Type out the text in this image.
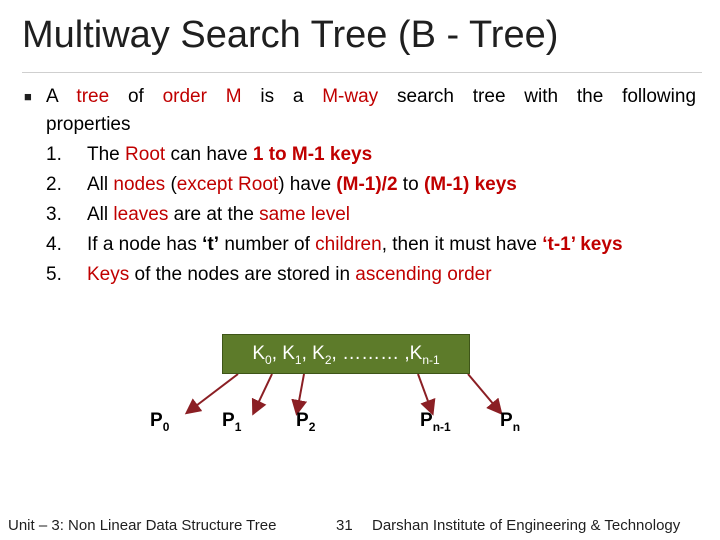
Multiway Search Tree (B - Tree)
■ A tree of order M is a M-way search tree with the following
properties
1.	The Root can have 1 to M-1 keys
2.	All nodes (except Root) have (M-1)/2 to (M-1) keys
3.	All leaves are at the same level
4.	If a node has ‘t’ number of children, then it must have ‘t-1’ keys
5.	Keys of the nodes are stored in ascending order
$K_0$, $K_1$, $K_2$, ……… $,K_{n-1}$
$P_0$	$P_1$	$P_2$	$P_{n-1}$	$P_n$
Unit – 3: Non Linear Data Structure Tree	31 Darshan Institute of Engineering & Technology
